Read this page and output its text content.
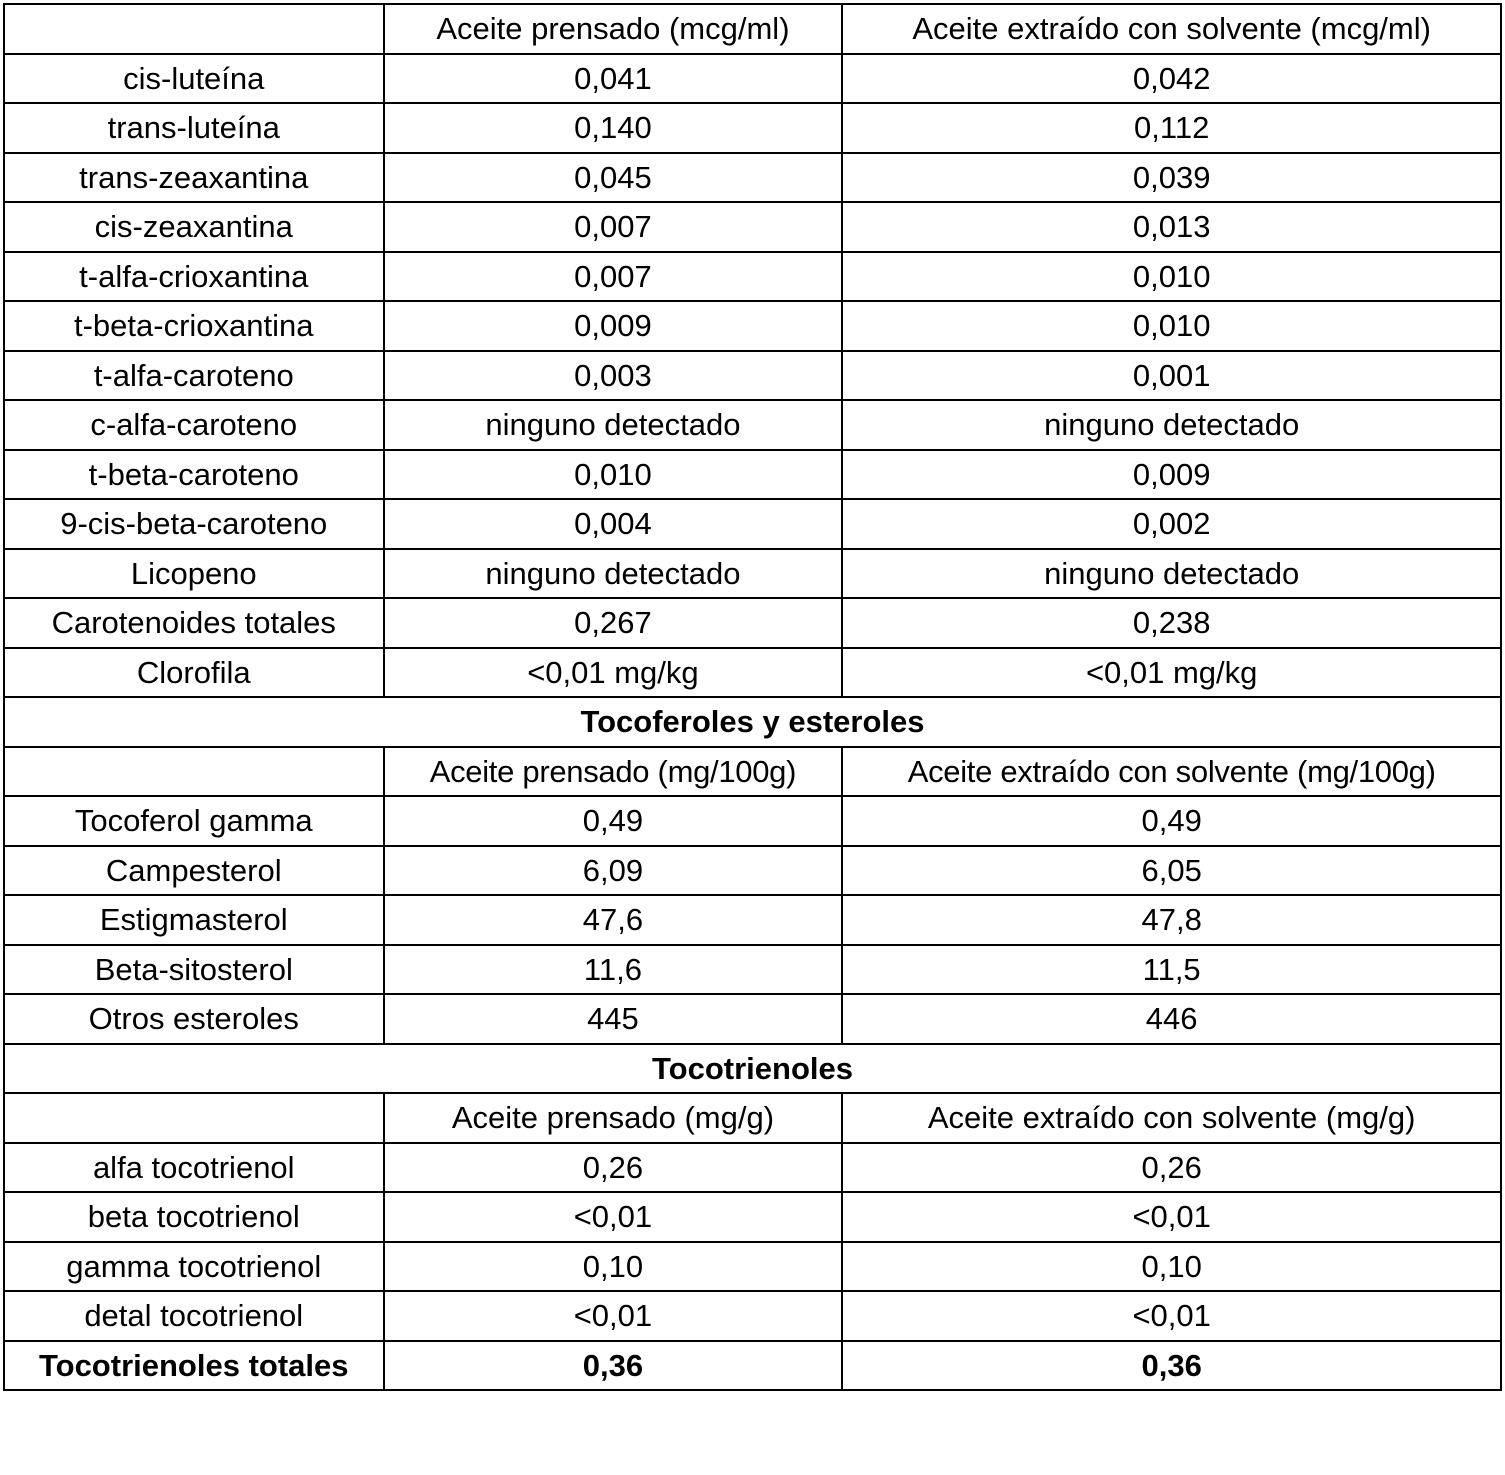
	Aceite prensado (mcg/ml)	Aceite extraído con solvente (mcg/ml)
cis-luteína	0,041	0,042
trans-luteína	0,140	0,112
trans-zeaxantina	0,045	0,039
cis-zeaxantina	0,007	0,013
t-alfa-crioxantina	0,007	0,010
t-beta-crioxantina	0,009	0,010
t-alfa-caroteno	0,003	0,001
c-alfa-caroteno	ninguno detectado	ninguno detectado
t-beta-caroteno	0,010	0,009
9-cis-beta-caroteno	0,004	0,002
Licopeno	ninguno detectado	ninguno detectado
Carotenoides totales	0,267	0,238
Clorofila	<0,01 mg/kg	<0,01 mg/kg
Tocoferoles y esteroles
	Aceite prensado (mg/100g)	Aceite extraído con solvente (mg/100g)
Tocoferol gamma	0,49	0,49
Campesterol	6,09	6,05
Estigmasterol	47,6	47,8
Beta-sitosterol	11,6	11,5
Otros esteroles	445	446
Tocotrienoles
	Aceite prensado (mg/g)	Aceite extraído con solvente (mg/g)
alfa tocotrienol	0,26	0,26
beta tocotrienol	<0,01	<0,01
gamma tocotrienol	0,10	0,10
detal tocotrienol	<0,01	<0,01
Tocotrienoles totales	0,36	0,36
